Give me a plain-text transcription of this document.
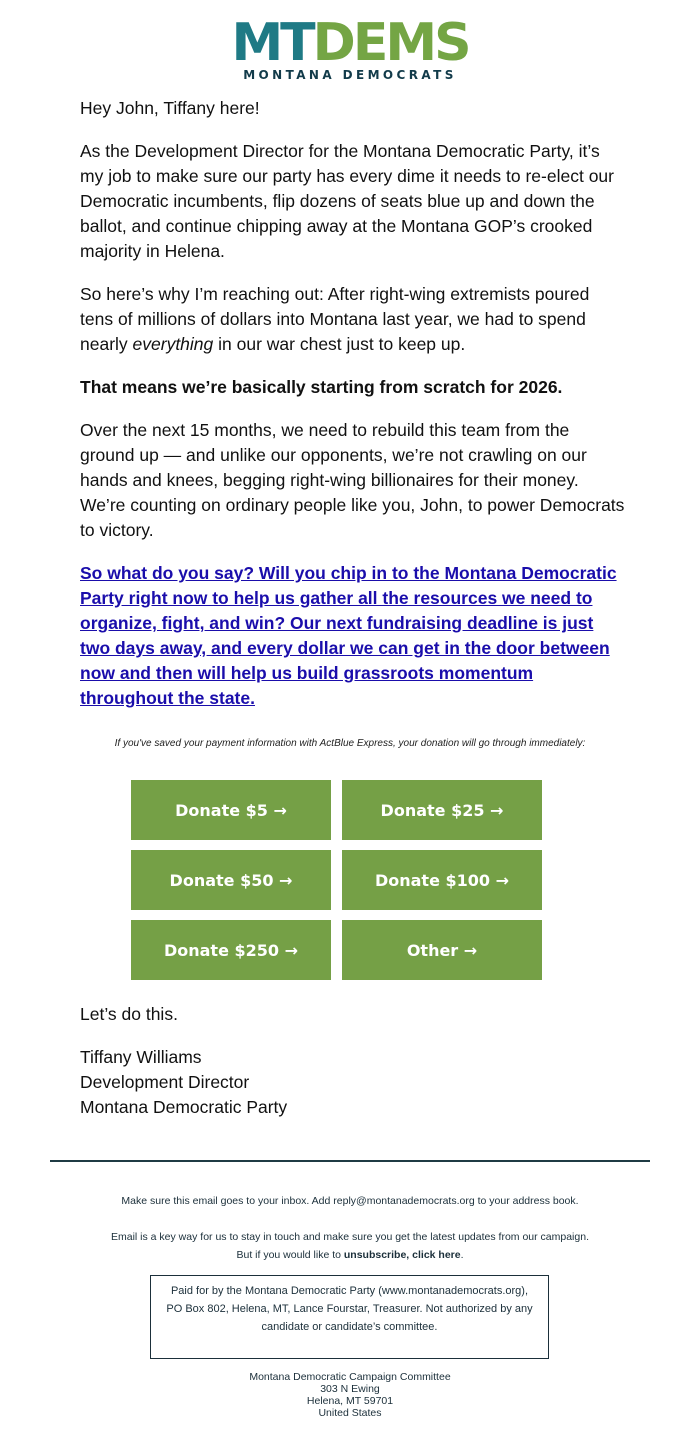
MTDEMS
MONTANA DEMOCRATS

Hey John, Tiffany here!

As the Development Director for the Montana Democratic Party, it’s my job to make sure our party has every dime it needs to re-elect our Democratic incumbents, flip dozens of seats blue up and down the ballot, and continue chipping away at the Montana GOP’s crooked majority in Helena.

So here’s why I’m reaching out: After right-wing extremists poured tens of millions of dollars into Montana last year, we had to spend nearly everything in our war chest just to keep up.

That means we’re basically starting from scratch for 2026.

Over the next 15 months, we need to rebuild this team from the ground up — and unlike our opponents, we’re not crawling on our hands and knees, begging right-wing billionaires for their money. We’re counting on ordinary people like you, John, to power Democrats to victory.

So what do you say? Will you chip in to the Montana Democratic Party right now to help us gather all the resources we need to organize, fight, and win? Our next fundraising deadline is just two days away, and every dollar we can get in the door between now and then will help us build grassroots momentum throughout the state.

If you've saved your payment information with ActBlue Express, your donation will go through immediately:
Donate $5 →	Donate $25 →
Donate $50 →	Donate $100 →
Donate $250 →	Other →
Let’s do this.
Tiffany Williams
Development Director
Montana Democratic Party
Make sure this email goes to your inbox. Add reply@montanademocrats.org to your address book.
Email is a key way for us to stay in touch and make sure you get the latest updates from our campaign.
But if you would like to unsubscribe, click here.
Paid for by the Montana Democratic Party (www.montanademocrats.org), PO Box 802, Helena, MT, Lance Fourstar, Treasurer. Not authorized by any candidate or candidate’s committee.
Montana Democratic Campaign Committee
303 N Ewing
Helena, MT 59701
United States
